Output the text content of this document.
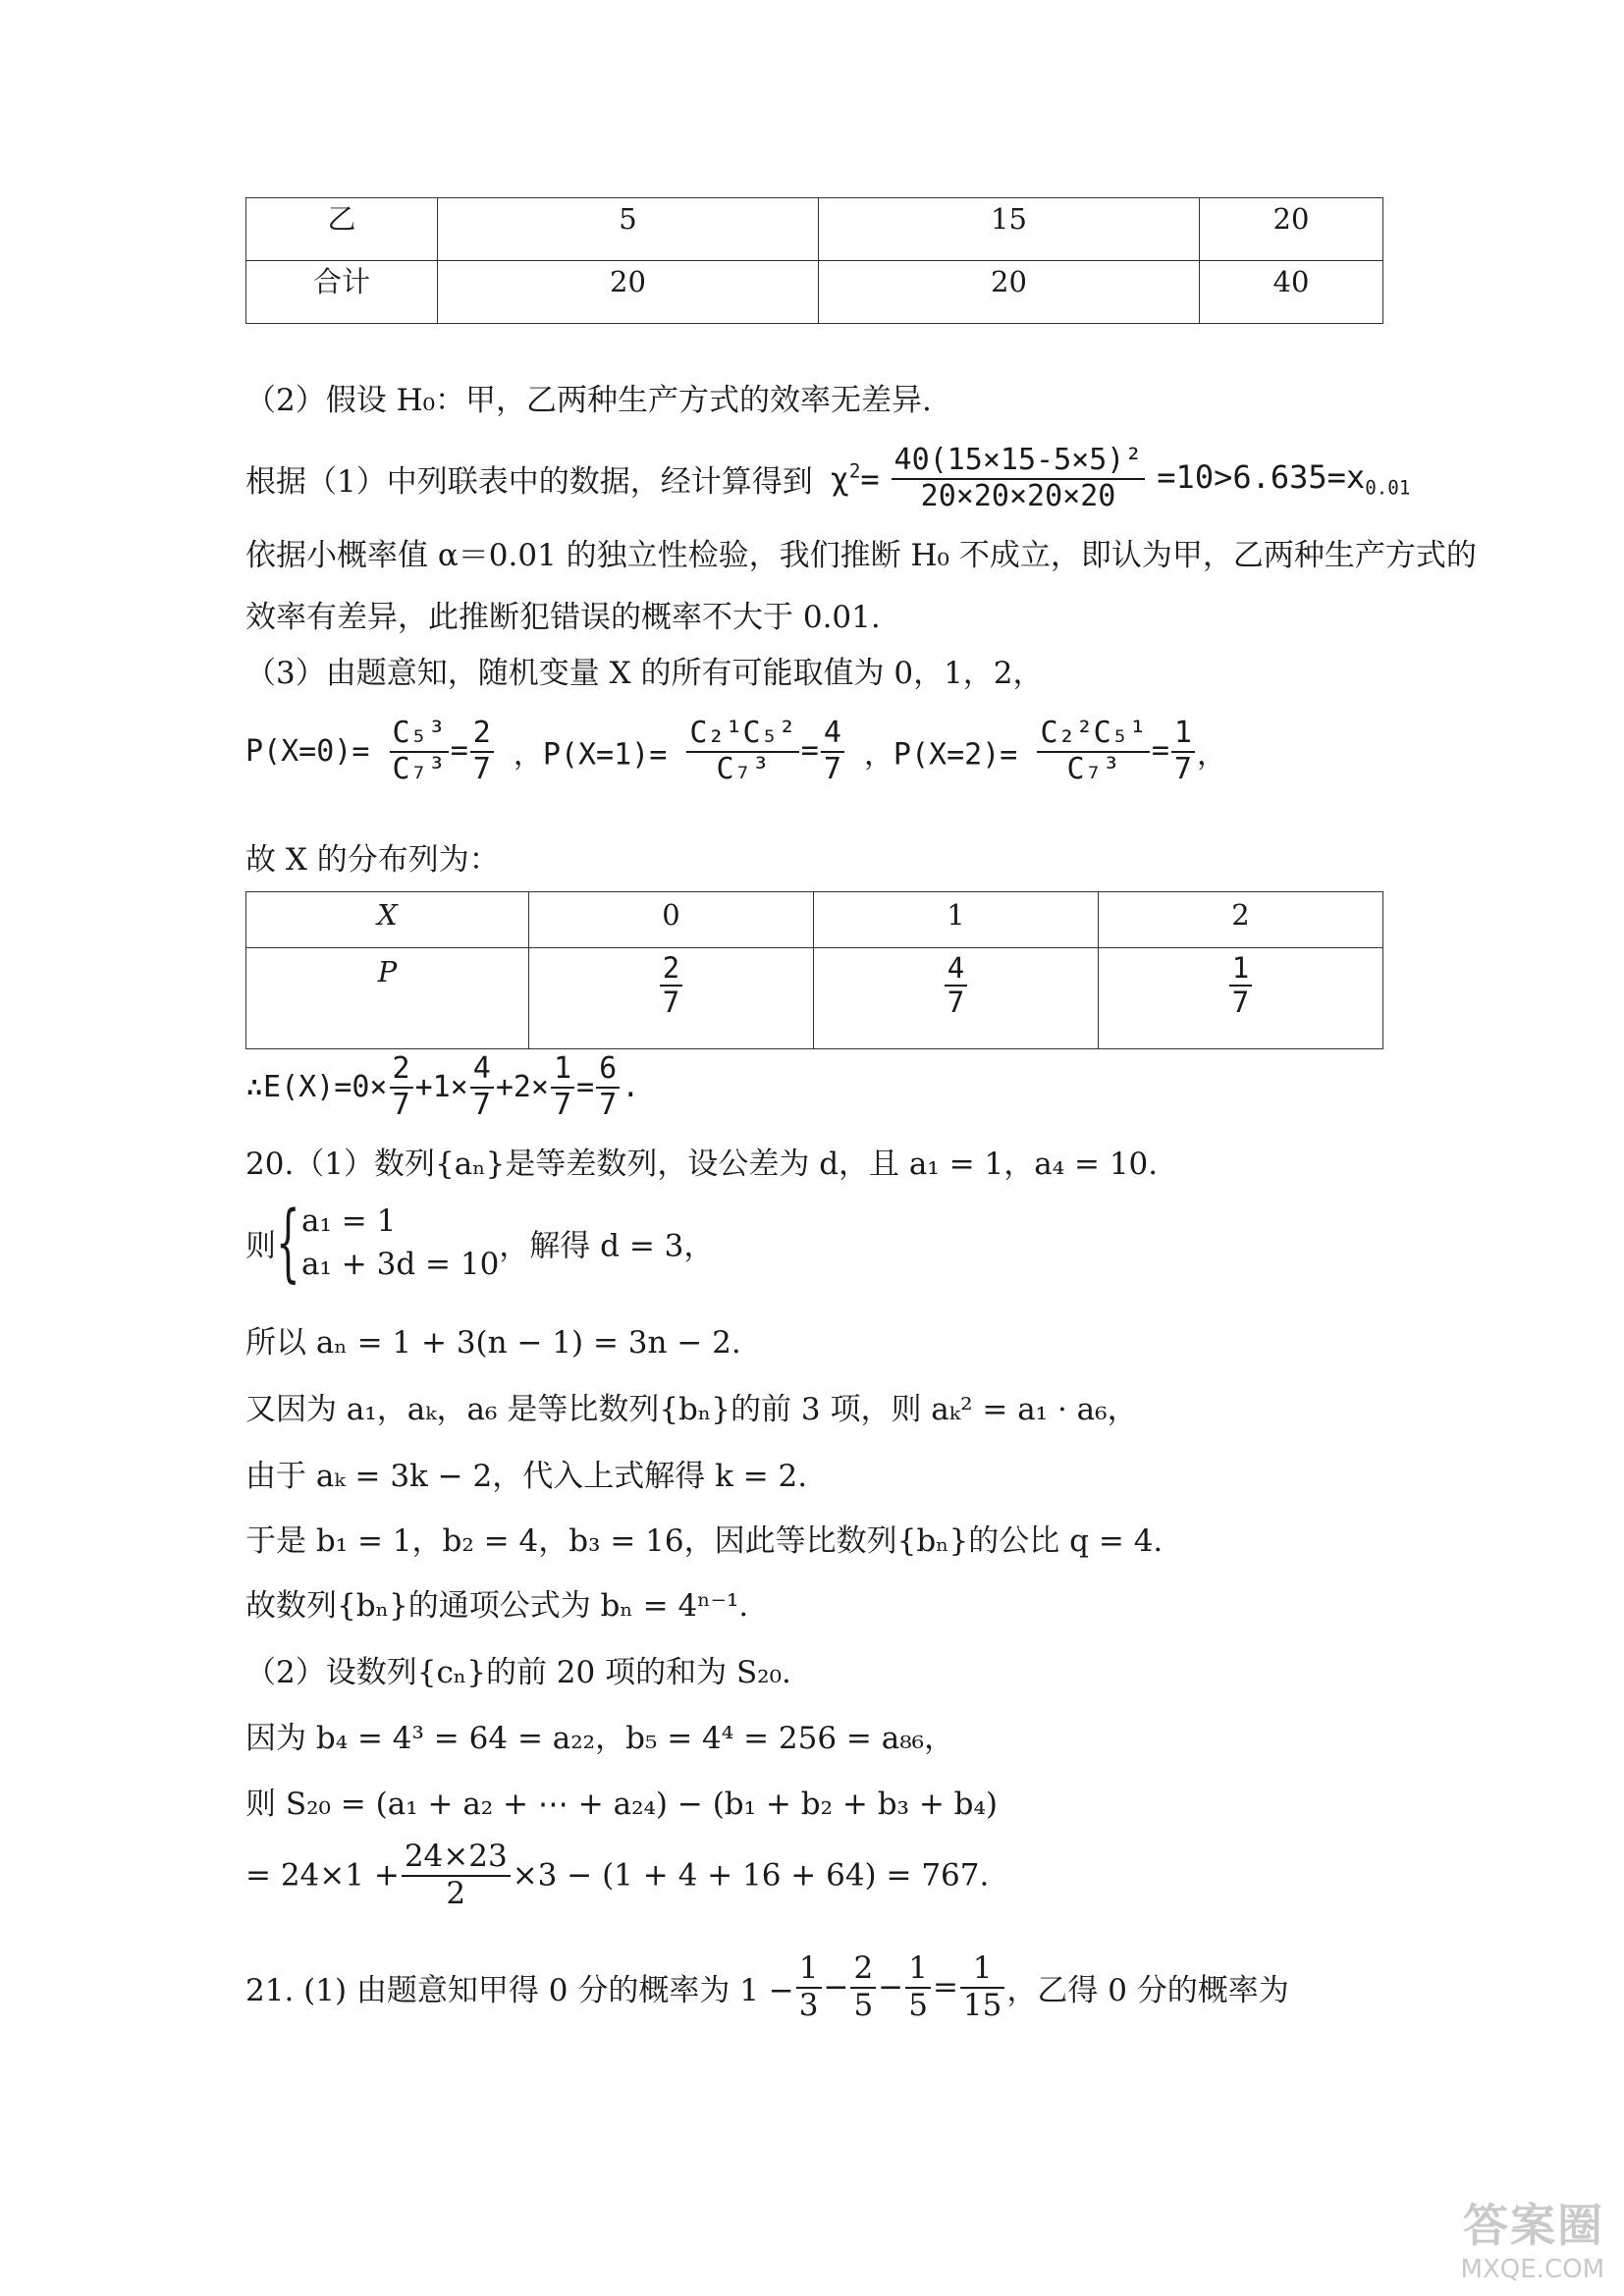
乙	5	15	20
合计	20	20	40
（2）假设 H₀：甲，乙两种生产方式的效率无差异.
根据（1）中列联表中的数据，经计算得到 $\chi^2= \frac{\text{40(15×15-5×5)²}}{20\times 20\times 20\times 20} =10>6.635=x_{0.01}$
依据小概率值 α＝0.01 的独立性检验，我们推断 H₀ 不成立，即认为甲，乙两种生产方式的
效率有差异，此推断犯错误的概率不大于 0.01.
（3）由题意知，随机变量 X 的所有可能取值为 0，1，2，
$P(X=0)= \frac{\text{C₅³}}{\text{C₇³}} = \frac{2}{7}$ ，$P(X=1)= \frac{\text{C₂¹C₅²}}{\text{C₇³}} = \frac{4}{7}$ ，$P(X=2)= \frac{\text{C₂²C₅¹}}{\text{C₇³}} = \frac{1}{7}$ ，
故 X 的分布列为：
X	0	1	2
P	$\frac{2}{7}$	$\frac{4}{7}$	$\frac{1}{7}$
∴E(X)=0× $\frac{2}{7} +1\times \frac{4}{7} +2\times \frac{1}{7} = \frac{6}{7}$ .
20.（1）数列{aₙ}是等差数列，设公差为 d，且 a₁ = 1，a₄ = 10.
则{ a₁ = 1
a₁ + 3d = 10
，解得 d = 3，
所以 aₙ = 1 + 3(n − 1) = 3n − 2.
又因为 a₁，aₖ，a₆ 是等比数列{bₙ}的前 3 项，则 aₖ² = a₁ · a₆，
由于 aₖ = 3k − 2，代入上式解得 k = 2.
于是 b₁ = 1，b₂ = 4，b₃ = 16，因此等比数列{bₙ}的公比 q = 4.
故数列{bₙ}的通项公式为 bₙ = 4ⁿ⁻¹.
（2）设数列{cₙ}的前 20 项的和为 S₂₀.
因为 b₄ = 4³ = 64 = a₂₂，b₅ = 4⁴ = 256 = a₈₆，
则 S₂₀ = (a₁ + a₂ + ⋯ + a₂₄) − (b₁ + b₂ + b₃ + b₄)
= $24\times 1 + \frac{24\times 23}{2} \times 3 - (1 + 4 + 16 + 64) = 767$.
21. (1) 由题意知甲得 0 分的概率为 $1 - \frac{1}{3} - \frac{2}{5} - \frac{1}{5} = \frac{1}{15}$ ，乙得 0 分的概率为
答案圈
MXQE.COM
